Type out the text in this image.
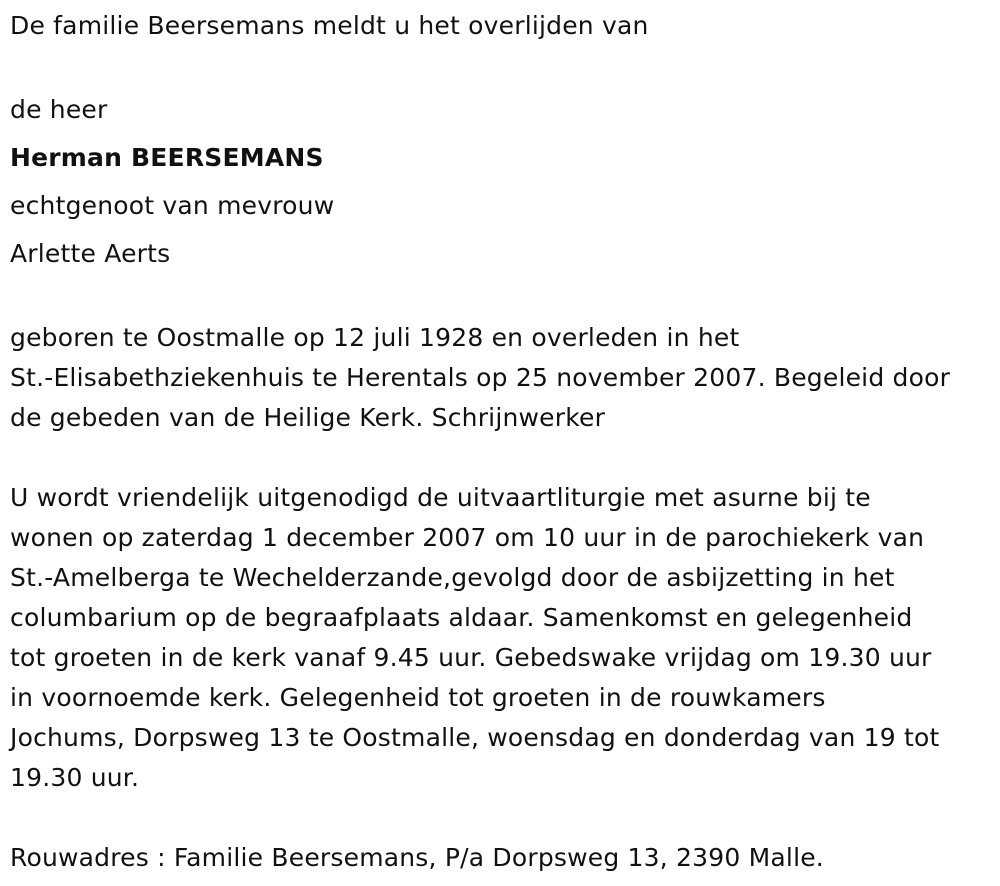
De familie Beersemans meldt u het overlijden van
de heer
Herman BEERSEMANS
echtgenoot van mevrouw
Arlette Aerts
geboren te Oostmalle op 12 juli 1928 en overleden in het
St.-Elisabethziekenhuis te Herentals op 25 november 2007. Begeleid door
de gebeden van de Heilige Kerk. Schrijnwerker
U wordt vriendelijk uitgenodigd de uitvaartliturgie met asurne bij te
wonen op zaterdag 1 december 2007 om 10 uur in de parochiekerk van
St.-Amelberga te Wechelderzande,gevolgd door de asbijzetting in het
columbarium op de begraafplaats aldaar. Samenkomst en gelegenheid
tot groeten in de kerk vanaf 9.45 uur. Gebedswake vrijdag om 19.30 uur
in voornoemde kerk. Gelegenheid tot groeten in de rouwkamers
Jochums, Dorpsweg 13 te Oostmalle, woensdag en donderdag van 19 tot
19.30 uur.
Rouwadres : Familie Beersemans, P/a Dorpsweg 13, 2390 Malle.
